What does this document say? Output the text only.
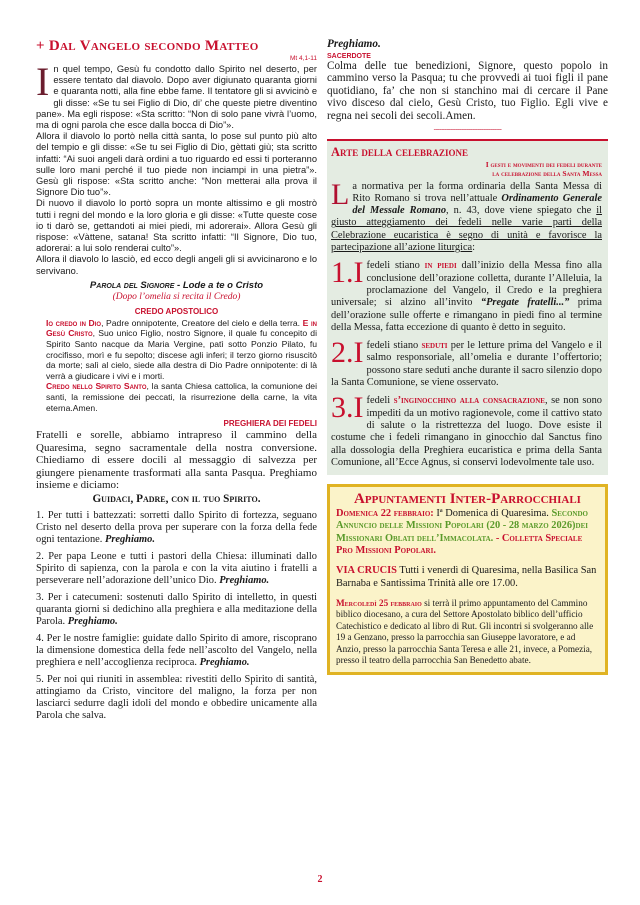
+ Dal Vangelo secondo Matteo
Mt 4,1-11
I n quel tempo, Gesù fu condotto dallo Spirito nel deserto, per essere tentato dal diavolo. Dopo aver digiunato quaranta giorni e quaranta notti, alla fine ebbe fame. Il tentatore gli si avvicinò e gli disse: «Se tu sei Figlio di Dio, di’ che queste pietre diventino pane». Ma egli rispose: «Sta scritto: “Non di solo pane vivrà l’uomo, ma di ogni parola che esce dalla bocca di Dio”».

Allora il diavolo lo portò nella città santa, lo pose sul punto più alto del tempio e gli disse: «Se tu sei Figlio di Dio, gèttati giù; sta scritto infatti: “Ai suoi angeli darà ordini a tuo riguardo ed essi ti porteranno sulle loro mani perché il tuo piede non inciampi in una pietra”». Gesù gli rispose: «Sta scritto anche: “Non metterai alla prova il Signore Dio tuo”».

Di nuovo il diavolo lo portò sopra un monte altissimo e gli mostrò tutti i regni del mondo e la loro gloria e gli disse: «Tutte queste cose io ti darò se, gettandoti ai miei piedi, mi adorerai». Allora Gesù gli rispose: «Vàttene, satana! Sta scritto infatti: “Il Signore, Dio tuo, adorerai: a lui solo renderai culto”».

Allora il diavolo lo lasciò, ed ecco degli angeli gli si avvicinarono e lo servivano.

Parola del Signore - Lode a te o Cristo
(Dopo l’omelia si recita il Credo)
CREDO APOSTOLICO

Io credo in Dio, Padre onnipotente, Creatore del cielo e della terra. E in Gesù Cristo, Suo unico Figlio, nostro Signore, il quale fu concepito di Spirito Santo nacque da Maria Vergine, patì sotto Ponzio Pilato, fu crocifisso, morì e fu sepolto; discese agli inferi; il terzo giorno risuscitò da morte; salì al cielo, siede alla destra di Dio Padre onnipotente: di là verrà a giudicare i vivi e i morti.

Credo nello Spirito Santo, la santa Chiesa cattolica, la comunione dei santi, la remissione dei peccati, la risurrezione della carne, la vita eterna.Amen.

PREGHIERA DEI FEDELI

Fratelli e sorelle, abbiamo intrapreso il cammino della Quaresima, segno sacramentale della nostra conversione. Chiediamo di essere docili al messaggio di salvezza per giungere pienamente trasformati alla santa Pasqua. Preghiamo insieme e diciamo:

Guidaci, Padre, con il tuo Spirito.

1. Per tutti i battezzati: sorretti dallo Spirito di fortezza, seguano Cristo nel deserto della prova per superare con la forza della fede ogni tentazione. Preghiamo.

2. Per papa Leone e tutti i pastori della Chiesa: illuminati dallo Spirito di sapienza, con la parola e con la vita aiutino i fratelli a perseverare nell’adorazione dell’unico Dio. Preghiamo.

3. Per i catecumeni: sostenuti dallo Spirito di intelletto, in questi quaranta giorni si dedichino alla preghiera e alla meditazione della Parola. Preghiamo.

4. Per le nostre famiglie: guidate dallo Spirito di amore, riscoprano la dimensione domestica della fede nell’ascolto del Vangelo, nella preghiera e nell’accoglienza reciproca. Preghiamo.

5. Per noi qui riuniti in assemblea: rivestiti dello Spirito di santità, attingiamo da Cristo, vincitore del maligno, la forza per non lasciarci sedurre dagli idoli del mondo e obbedire unicamente alla Parola che salva.

Preghiamo.

SACERDOTE

Colma delle tue benedizioni, Signore, questo popolo in cammino verso la Pasqua; tu che provvedi ai tuoi figli il pane quotidiano, fa’ che non si stanchino mai di cercare il Pane vivo disceso dal cielo, Gesù Cristo, tuo Figlio. Egli vive e regna nei secoli dei secoli.Amen.

-------------------------------------
Arte della celebrazione
I gesti e movimenti dei fedeli durante
la celebrazione della Santa Messa

La normativa per la forma ordinaria della Santa Messa di Rito Romano si trova nell’attuale Ordinamento Generale del Messale Romano, n. 43, dove viene spiegato che il giusto atteggiamento dei fedeli nelle varie parti della Celebrazione eucaristica è segno di unità e favorisce la partecipazione all’azione liturgica:

1.I fedeli stiano in piedi dall’inizio della Messa fino alla conclusione dell’orazione colletta, durante l’Alleluia, la proclamazione del Vangelo, il Credo e la preghiera universale; si alzino all’invito “Pregate fratelli...” prima dell’orazione sulle offerte e rimangano in piedi fino al termine della Messa, fatta eccezione di quanto è detto in seguito.

2.I fedeli stiano seduti per le letture prima del Vangelo e il salmo responsoriale, all’omelia e durante l’offertorio; possono stare seduti anche durante il sacro silenzio dopo la Santa Comunione, se viene osservato.

3.I fedeli s’inginocchino alla consacrazione, se non sono impediti da un motivo ragionevole, come il cattivo stato di salute o la ristrettezza del luogo. Dove esiste il costume che i fedeli rimangano in ginocchio dal Sanctus fino alla dossologia della Preghiera eucaristica e prima della Santa Comunione, all’Ecce Agnus, si conservi lodevolmente tale uso.

Appuntamenti Inter-Parrocchiali

Domenica 22 febbraio: Iª Domenica di Quaresima. Secondo Annuncio delle Missioni Popolari (20 - 28 marzo 2026)dei Missionari Oblati dell’Immacolata. - Colletta Speciale Pro Missioni Popolari.

VIA CRUCIS Tutti i venerdì di Quaresima, nella Basilica San Barnaba e Santissima Trinità alle ore 17.00.

Mercoledì 25 febbraio si terrà il primo appuntamento del Cammino biblico diocesano, a cura del Settore Apostolato biblico dell’ufficio Catechistico e dedicato al libro di Rut. Gli incontri si svolgeranno alle 19 a Genzano, presso la parrocchia san Giuseppe lavoratore, e ad Anzio, presso la parrocchia Santa Teresa e alle 21, invece, a Pomezia, presso il teatro della parrocchia San Benedetto abate.

2
